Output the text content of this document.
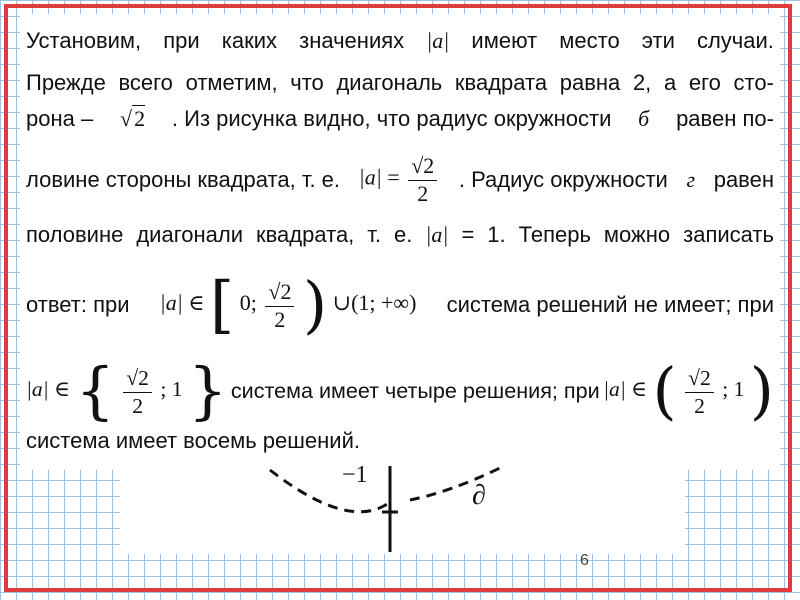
Установим, при каких значениях |a| имеют место эти случаи.
Прежде всего отметим, что диагональ квадрата равна 2, а его сто-
рона – √2 . Из рисунка видно, что радиус окружности б равен по-
ловине стороны квадрата, т. е. $|a| = \frac{√2}{2}$ . Радиус окружности г равен
половине диагонали квадрата, т. е. |a| = 1. Теперь можно записать
ответ: при |a| ∈ [ 0; $\frac{√2}{2}$ ) ∪(1; +∞) система решений не имеет; при
|a| ∈ { $\frac{√2}{2}$ ; 1 } система имеет четыре решения; при |a| ∈ ( $\frac{√2}{2}$ ; 1 )
система имеет восемь решений.
−1
∂
6
